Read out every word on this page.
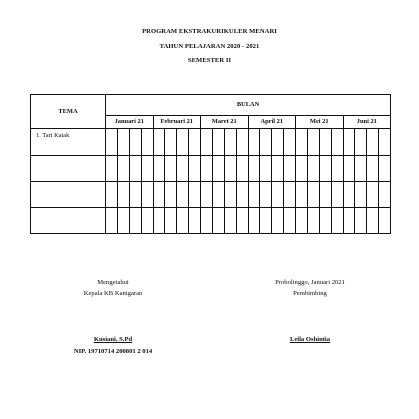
PROGRAM EKSTRAKURIKULER MENARI
TAHUN PELAJARAN 2020 - 2021
SEMESTER II
TEMA	BULAN																							
	Januari 21				Februari 21				Maret 21				April 21				Mei 21				Juni 21			
1. Tari Katak																								

Mengetahui
Kepala KB Kanigaran
Kusiani, S.Pd
NIP. 19710714 200801 2 014
Probolinggo, Januari 2021
Pembimbing
Leila Oshintia
